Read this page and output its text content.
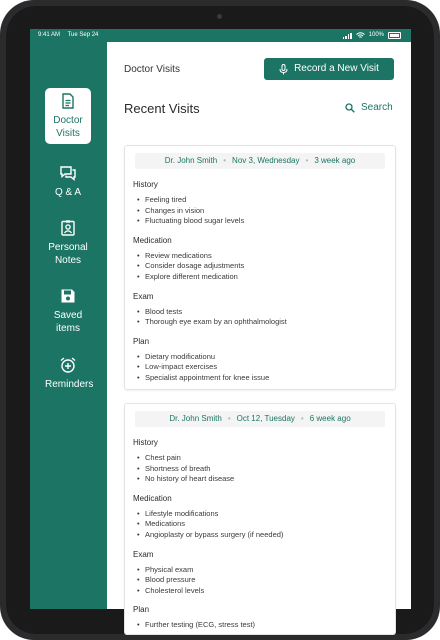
9:41 AM Tue Sep 24	100%
Doctor
Visits
Q & A
Personal
Notes
Saved
items
Reminders
Doctor Visits	Record a New Visit
Recent Visits	Search
Dr. John Smith • Nov 3, Wednesday • 3 week ago
History
• Feeling tired
• Changes in vision
• Fluctuating blood sugar levels
Medication
• Review medications
• Consider dosage adjustments
• Explore different medication
Exam
• Blood tests
• Thorough eye exam by an ophthalmologist
Plan
• Dietary modificationu
• Low-impact exercises
• Specialist appointment for knee issue
Dr. John Smith • Oct 12, Tuesday • 6 week ago
History
• Chest pain
• Shortness of breath
• No history of heart disease
Medication
• Lifestyle modifications
• Medications
• Angioplasty or bypass surgery (if needed)
Exam
• Physical exam
• Blood pressure
• Cholesterol levels
Plan
• Further testing (ECG, stress test)
